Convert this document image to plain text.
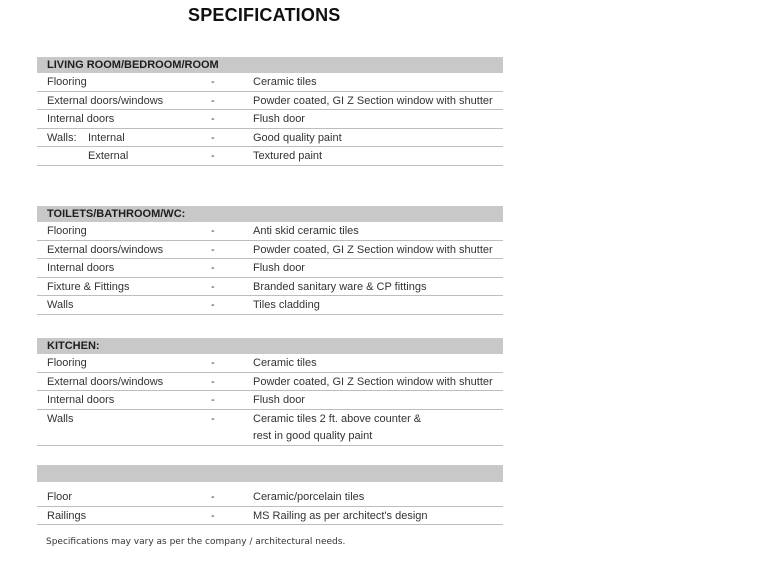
SPECIFICATIONS
LIVING ROOM/BEDROOM/ROOM
Flooring	-	Ceramic tiles
External doors/windows	-	Powder coated, GI Z Section window with shutter
Internal doors	-	Flush door
Walls: Internal	-	Good quality paint
External	-	Textured paint
TOILETS/BATHROOM/WC:
Flooring	-	Anti skid ceramic tiles
External doors/windows	-	Powder coated, GI Z Section window with shutter
Internal doors	-	Flush door
Fixture & Fittings	-	Branded sanitary ware & CP fittings
Walls	-	Tiles cladding
KITCHEN:
Flooring	-	Ceramic tiles
External doors/windows	-	Powder coated, GI Z Section window with shutter
Internal doors	-	Flush door
Walls	-	Ceramic tiles 2 ft. above counter &
rest in good quality paint
Floor	-	Ceramic/porcelain tiles
Railings	-	MS Railing as per architect's design
Specifications may vary as per the company / architectural needs.
